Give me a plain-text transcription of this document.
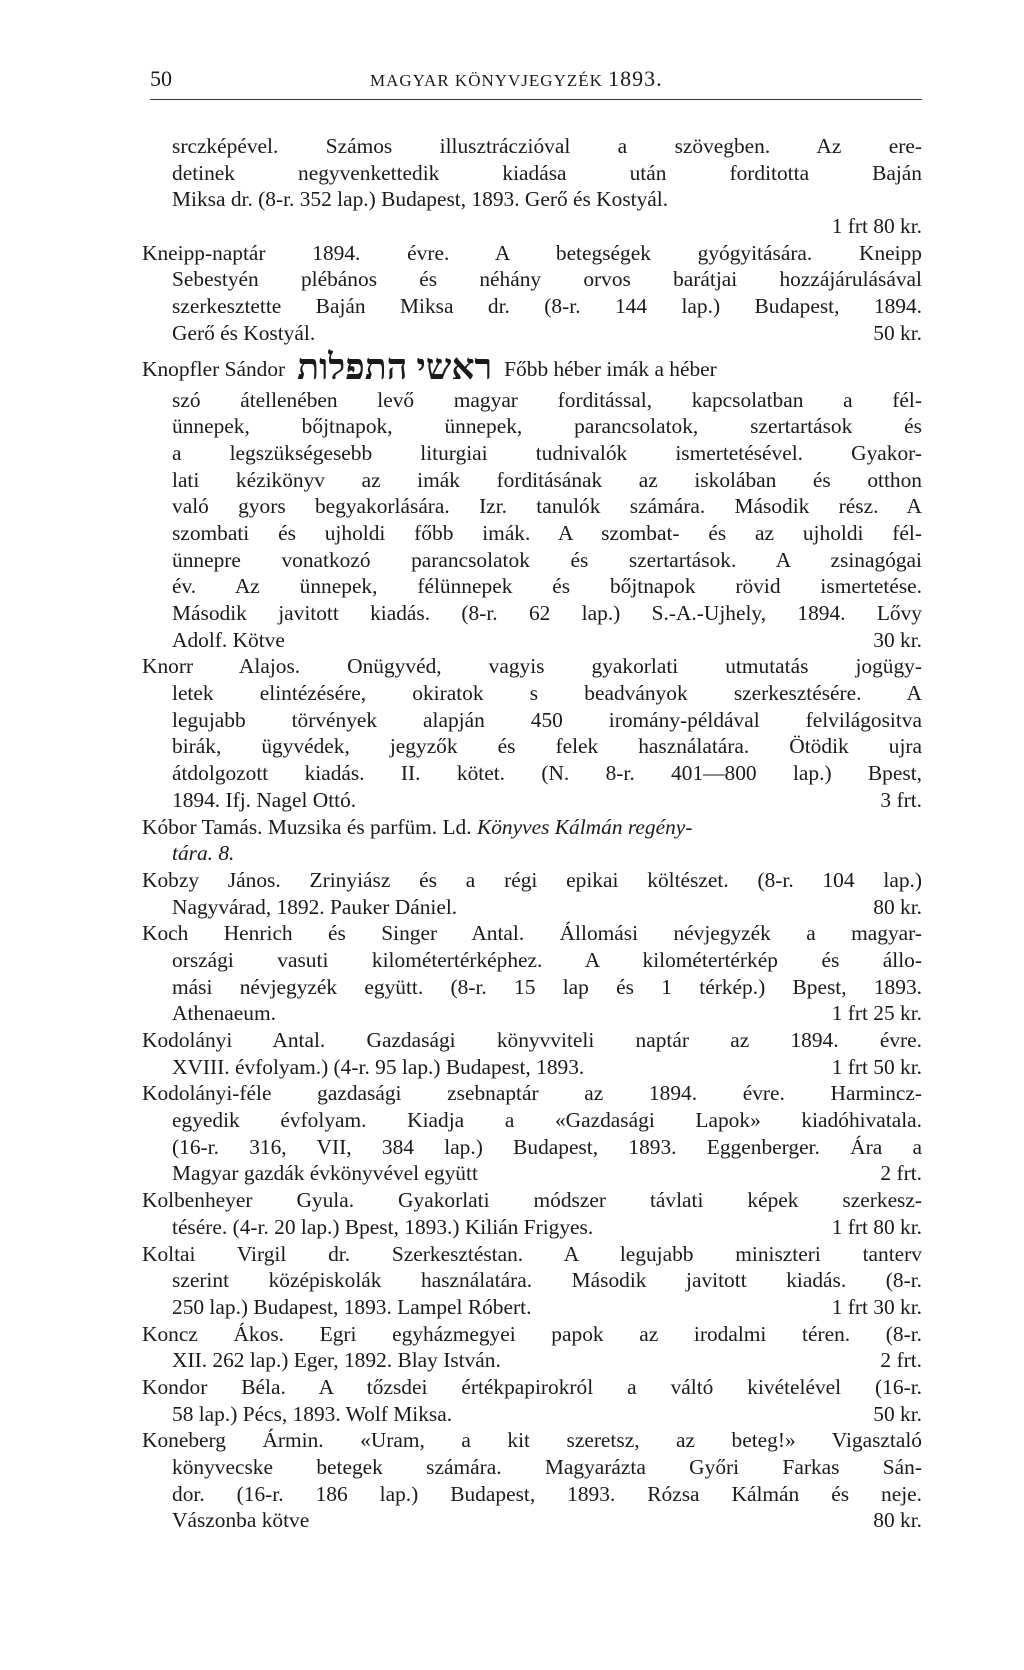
50	MAGYAR KÖNYVJEGYZÉK 1893.
srczképével. Számos illusztráczióval a szövegben. Az ere-
detinek negyvenkettedik kiadása után forditotta Baján
Miksa dr. (8-r. 352 lap.) Budapest, 1893. Gerő és Kostyál.
1 frt 80 kr.
Kneipp-naptár 1894. évre. A betegségek gyógyitására. Kneipp
Sebestyén plébános és néhány orvos barátjai hozzájárulásával
szerkesztette Baján Miksa dr. (8-r. 144 lap.) Budapest, 1894.
50 kr.
Gerő és Kostyál.
Knopfler Sándor ראשי התפלות Főbb héber imák a héber
szó átellenében levő magyar forditással, kapcsolatban a fél-
ünnepek, bőjtnapok, ünnepek, parancsolatok, szertartások és
a legszükségesebb liturgiai tudnivalók ismertetésével. Gyakor-
lati kézikönyv az imák forditásának az iskolában és otthon
való gyors begyakorlására. Izr. tanulók számára. Második rész. A
szombati és ujholdi főbb imák. A szombat- és az ujholdi fél-
ünnepre vonatkozó parancsolatok és szertartások. A zsinagógai
év. Az ünnepek, félünnepek és bőjtnapok rövid ismertetése.
Második javitott kiadás. (8-r. 62 lap.) S.-A.-Ujhely, 1894. Lővy
30 kr.
Adolf. Kötve
Knorr Alajos. Onügyvéd, vagyis gyakorlati utmutatás jogügy-
letek elintézésére, okiratok s beadványok szerkesztésére. A
legujabb törvények alapján 450 irománу-példával felvilágositva
birák, ügyvédek, jegyzők és felek használatára. Ötödik ujra
átdolgozott kiadás. II. kötet. (N. 8-r. 401—800 lap.) Bpest,
3 frt.
1894. Ifj. Nagel Ottó.
Kóbor Tamás. Muzsika és parfüm. Ld. Könyves Kálmán regény-
tára. 8.
Kobzy János. Zrinyiász és a régi epikai költészet. (8-r. 104 lap.)
80 kr.
Nagyvárad, 1892. Pauker Dániel.
Koch Henrich és Singer Antal. Állomási névjegyzék a magyar-
országi vasuti kilométertérképhez. A kilométertérkép és állo-
mási névjegyzék együtt. (8-r. 15 lap és 1 térkép.) Bpest, 1893.
1 frt 25 kr.
Athenaeum.
Kodolányi Antal. Gazdasági könyvviteli naptár az 1894. évre.
1 frt 50 kr.
XVIII. évfolyam.) (4-r. 95 lap.) Budapest, 1893.
Kodolányi-féle gazdasági zsebnaptár az 1894. évre. Harmincz-
egyedik évfolyam. Kiadja a «Gazdasági Lapok» kiadóhivatala.
(16-r. 316, VII, 384 lap.) Budapest, 1893. Eggenberger. Ára a
2 frt.
Magyar gazdák évkönyvével együtt
Kolbenheyer Gyula. Gyakorlati módszer távlati képek szerkesz-
1 frt 80 kr.
tésére. (4-r. 20 lap.) Bpest, 1893.) Kilián Frigyes.
Koltai Virgil dr. Szerkesztéstan. A legujabb miniszteri tanterv
szerint középiskolák használatára. Második javitott kiadás. (8-r.
1 frt 30 kr.
250 lap.) Budapest, 1893. Lampel Róbert.
Koncz Ákos. Egri egyházmegyei papok az irodalmi téren. (8-r.
2 frt.
XII. 262 lap.) Eger, 1892. Blay István.
Kondor Béla. A tőzsdei értékpapirokról a váltó kivételével (16-r.
50 kr.
58 lap.) Pécs, 1893. Wolf Miksa.
Koneberg Ármin. «Uram, a kit szeretsz, az beteg!» Vigasztaló
könyvecske betegek számára. Magyarázta Győri Farkas Sán-
dor. (16-r. 186 lap.) Budapest, 1893. Rózsa Kálmán és neje.
80 kr.
Vászonba kötve
